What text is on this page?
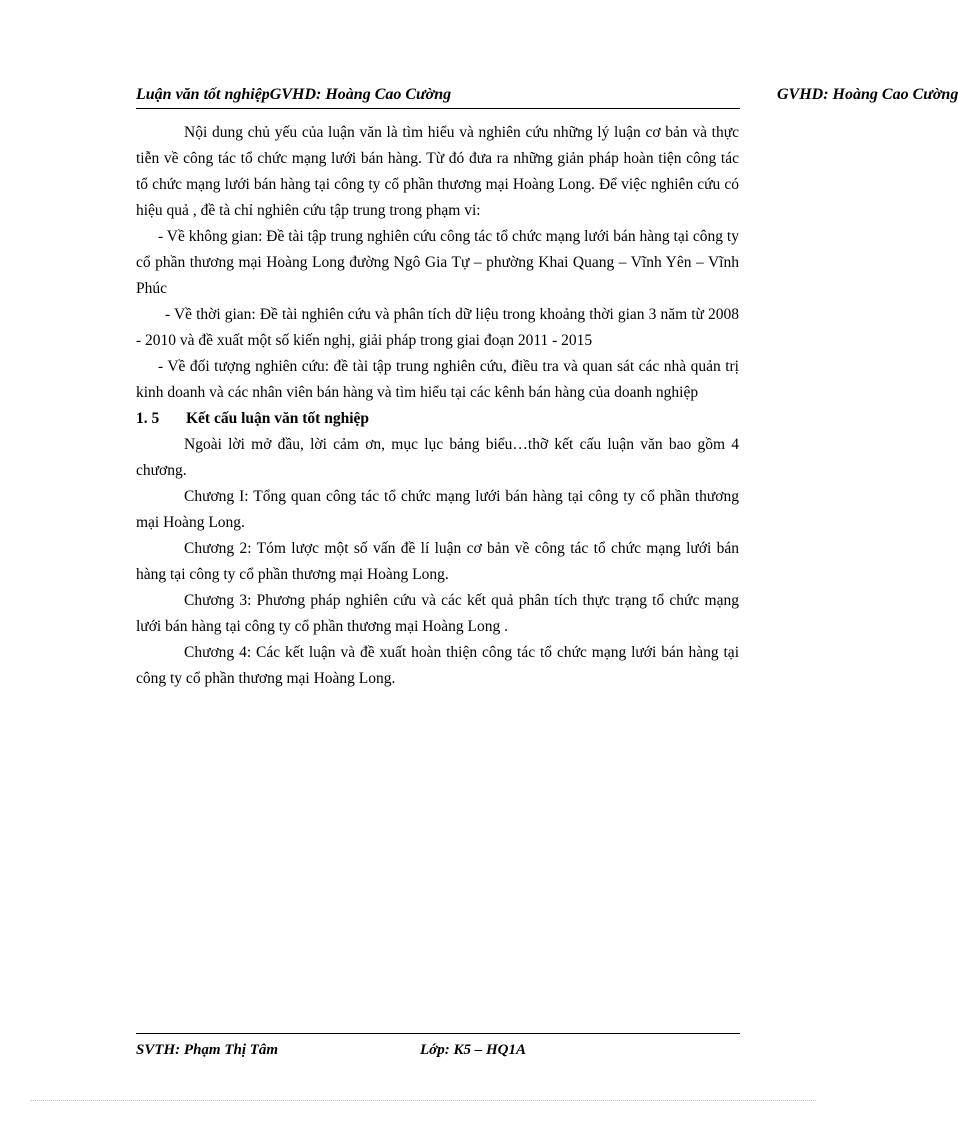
Luận văn tốt nghiệpGVHD: Hoàng Cao Cường	GVHD: Hoàng Cao Cường

Nội dung chủ yếu của luận văn là tìm hiểu và nghiên cứu những lý luận cơ bản và thực tiễn về công tác tổ chức mạng lưới bán hàng. Từ đó đưa ra những giản pháp hoàn tiện công tác tổ chức mạng lưới bán hàng tại công ty cổ phần thương mại Hoàng Long. Để việc nghiên cứu có hiệu quả , đề tà chỉ nghiên cứu tập trung trong phạm vi:

- Về không gian: Đề tài tập trung nghiên cứu công tác tổ chức mạng lưới bán hàng tại công ty cổ phần thương mại Hoàng Long đường Ngô Gia Tự – phường Khai Quang – Vĩnh Yên – Vĩnh Phúc

- Về thời gian: Đề tài nghiên cứu và phân tích dữ liệu trong khoảng thời gian 3 năm từ 2008 - 2010 và đề xuất một số kiến nghị, giải pháp trong giai đoạn 2011 - 2015

- Về đối tượng nghiên cứu: đề tài tập trung nghiên cứu, điều tra và quan sát các nhà quản trị kinh doanh và các nhân viên bán hàng và tìm hiểu tại các kênh bán hàng của doanh nghiệp

1. 5 Kết cấu luận văn tốt nghiệp

Ngoài lời mở đầu, lời cảm ơn, mục lục bảng biểu…thỡ kết cấu luận văn bao gồm 4 chương.

Chương I: Tổng quan công tác tổ chức mạng lưới bán hàng tại công ty cổ phần thương mại Hoàng Long.

Chương 2: Tóm lược một số vấn đề lí luận cơ bản về công tác tổ chức mạng lưới bán hàng tại công ty cổ phần thương mại Hoàng Long.

Chương 3: Phương pháp nghiên cứu và các kết quả phân tích thực trạng tổ chức mạng lưới bán hàng tại công ty cổ phần thương mại Hoàng Long .

Chương 4: Các kết luận và đề xuất hoàn thiện công tác tổ chức mạng lưới bán hàng tại công ty cổ phần thương mại Hoàng Long.

SVTH: Phạm Thị Tâm	Lớp: K5 – HQ1A
